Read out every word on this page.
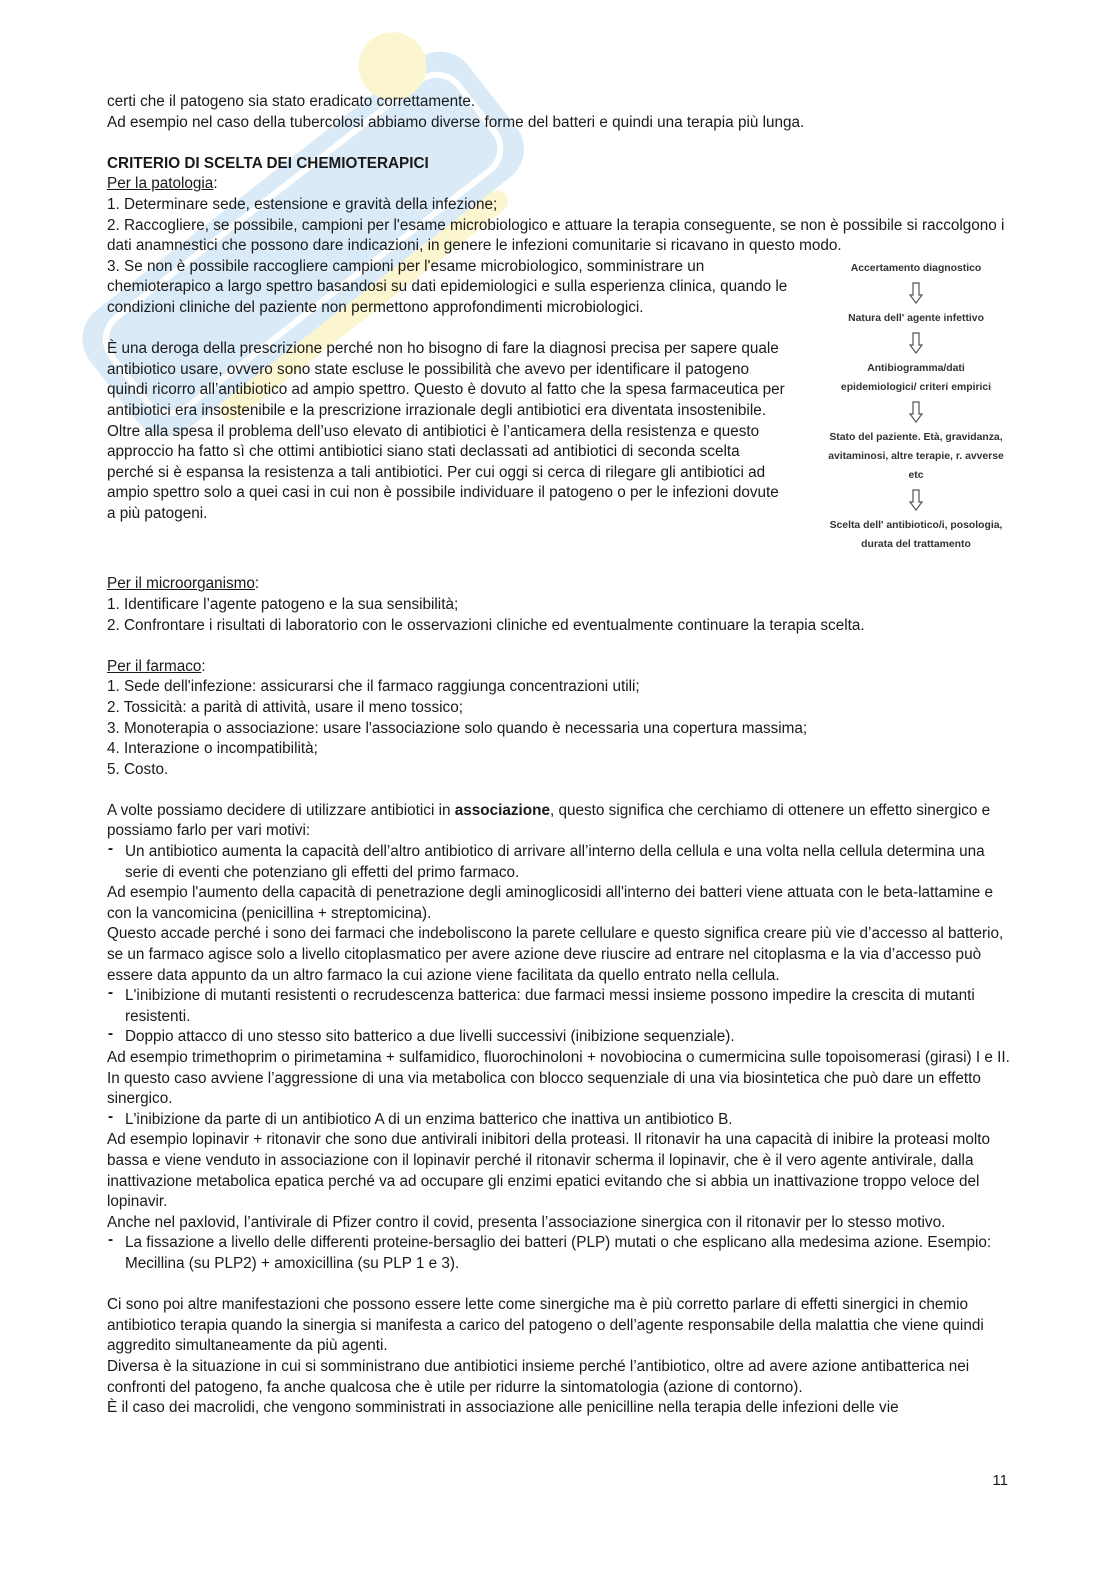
certi che il patogeno sia stato eradicato correttamente.

Ad esempio nel caso della tubercolosi abbiamo diverse forme del batteri e quindi una terapia più lunga.

CRITERIO DI SCELTA DEI CHEMIOTERAPICI

Per la patologia:

1. Determinare sede, estensione e gravità della infezione;

2. Raccogliere, se possibile, campioni per l'esame microbiologico e attuare la terapia conseguente, se non è possibile si raccolgono i dati anamnestici che possono dare indicazioni, in genere le infezioni comunitarie si ricavano in questo modo.

Accertamento diagnostico
Natura dell' agente infettivo
Antibiogramma/dati epidemiologici/ criteri empirici
Stato del paziente. Età, gravidanza, avitaminosi, altre terapie, r. avverse etc
Scelta dell' antibiotico/i, posologia, durata del trattamento

3. Se non è possibile raccogliere campioni per l'esame microbiologico, somministrare un chemioterapico a largo spettro basandosi su dati epidemiologici e sulla esperienza clinica, quando le condizioni cliniche del paziente non permettono approfondimenti microbiologici.

È una deroga della prescrizione perché non ho bisogno di fare la diagnosi precisa per sapere quale antibiotico usare, ovvero sono state escluse le possibilità che avevo per identificare il patogeno quindi ricorro all’antibiotico ad ampio spettro. Questo è dovuto al fatto che la spesa farmaceutica per antibiotici era insostenibile e la prescrizione irrazionale degli antibiotici era diventata insostenibile.

Oltre alla spesa il problema dell’uso elevato di antibiotici è l’anticamera della resistenza e questo approccio ha fatto sì che ottimi antibiotici siano stati declassati ad antibiotici di seconda scelta perché si è espansa la resistenza a tali antibiotici. Per cui oggi si cerca di rilegare gli antibiotici ad ampio spettro solo a quei casi in cui non è possibile individuare il patogeno o per le infezioni dovute a più patogeni.

Per il microorganismo:

1. Identificare l’agente patogeno e la sua sensibilità;

2. Confrontare i risultati di laboratorio con le osservazioni cliniche ed eventualmente continuare la terapia scelta.

Per il farmaco:

1. Sede dell'infezione: assicurarsi che il farmaco raggiunga concentrazioni utili;

2. Tossicità: a parità di attività, usare il meno tossico;

3. Monoterapia o associazione: usare l'associazione solo quando è necessaria una copertura massima;

4. Interazione o incompatibilità;

5. Costo.

A volte possiamo decidere di utilizzare antibiotici in associazione, questo significa che cerchiamo di ottenere un effetto sinergico e possiamo farlo per vari motivi:

- Un antibiotico aumenta la capacità dell’altro antibiotico di arrivare all’interno della cellula e una volta nella cellula determina una serie di eventi che potenziano gli effetti del primo farmaco.

Ad esempio l'aumento della capacità di penetrazione degli aminoglicosidi all'interno dei batteri viene attuata con le beta-lattamine e con la vancomicina (penicillina + streptomicina).

Questo accade perché i sono dei farmaci che indeboliscono la parete cellulare e questo significa creare più vie d’accesso al batterio, se un farmaco agisce solo a livello citoplasmatico per avere azione deve riuscire ad entrare nel citoplasma e la via d’accesso può essere data appunto da un altro farmaco la cui azione viene facilitata da quello entrato nella cellula.

- L'inibizione di mutanti resistenti o recrudescenza batterica: due farmaci messi insieme possono impedire la crescita di mutanti resistenti.

- Doppio attacco di uno stesso sito batterico a due livelli successivi (inibizione sequenziale).

Ad esempio trimethoprim o pirimetamina + sulfamidico, fluorochinoloni + novobiocina o cumermicina sulle topoisomerasi (girasi) I e II. In questo caso avviene l’aggressione di una via metabolica con blocco sequenziale di una via biosintetica che può dare un effetto sinergico.

- L'inibizione da parte di un antibiotico A di un enzima batterico che inattiva un antibiotico B.

Ad esempio lopinavir + ritonavir che sono due antivirali inibitori della proteasi. Il ritonavir ha una capacità di inibire la proteasi molto bassa e viene venduto in associazione con il lopinavir perché il ritonavir scherma il lopinavir, che è il vero agente antivirale, dalla inattivazione metabolica epatica perché va ad occupare gli enzimi epatici evitando che si abbia un inattivazione troppo veloce del lopinavir.

Anche nel paxlovid, l’antivirale di Pfizer contro il covid, presenta l’associazione sinergica con il ritonavir per lo stesso motivo.

- La fissazione a livello delle differenti proteine-bersaglio dei batteri (PLP) mutati o che esplicano alla medesima azione. Esempio: Mecillina (su PLP2) + amoxicillina (su PLP 1 e 3).

Ci sono poi altre manifestazioni che possono essere lette come sinergiche ma è più corretto parlare di effetti sinergici in chemio antibiotico terapia quando la sinergia si manifesta a carico del patogeno o dell’agente responsabile della malattia che viene quindi aggredito simultaneamente da più agenti.

Diversa è la situazione in cui si somministrano due antibiotici insieme perché l’antibiotico, oltre ad avere azione antibatterica nei confronti del patogeno, fa anche qualcosa che è utile per ridurre la sintomatologia (azione di contorno).

È il caso dei macrolidi, che vengono somministrati in associazione alle penicilline nella terapia delle infezioni delle vie

11
